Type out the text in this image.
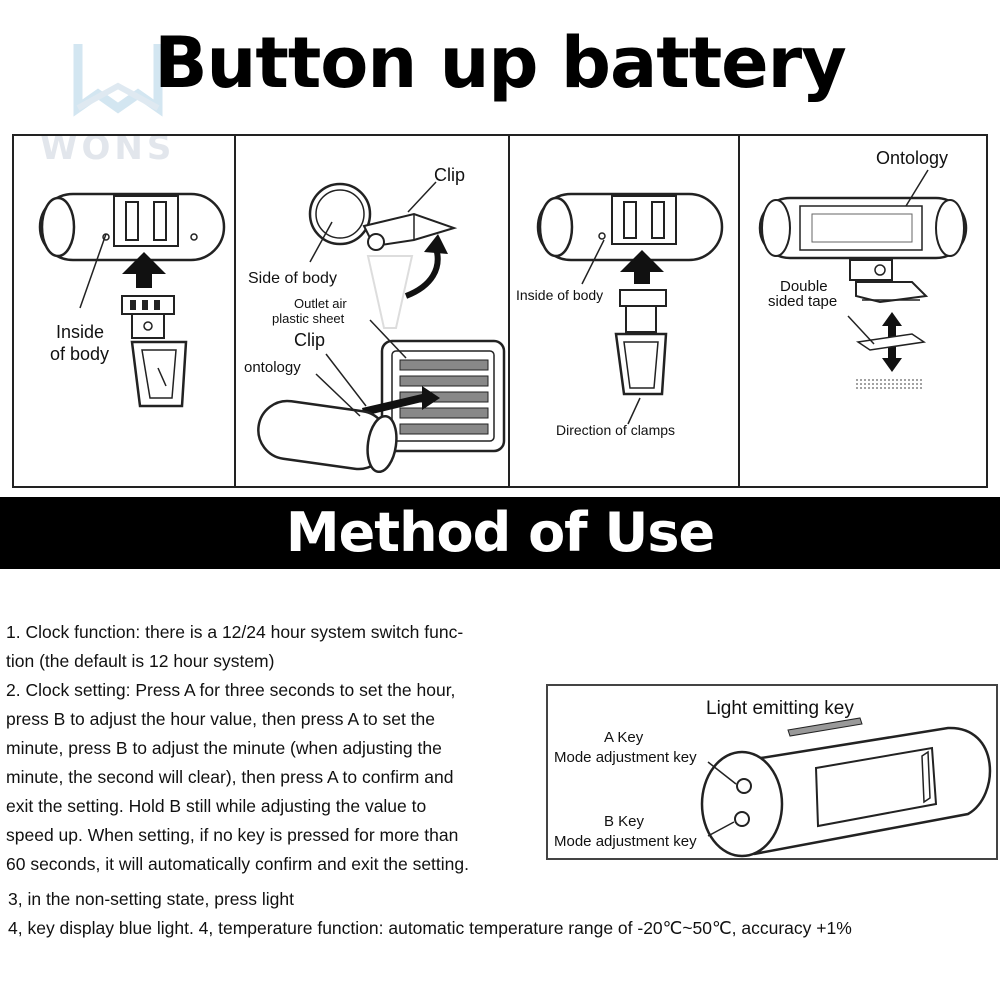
WONS
Button up battery
Inside
of body
Clip
Side of body
Outlet air
plastic sheet
Clip
ontology
Inside of body
Direction of clamps
Ontology
Double
sided tape
Method of Use

1. Clock function: there is a 12/24 hour system switch func-

tion (the default is 12 hour system)

2. Clock setting: Press A for three seconds to set the hour,

press B to adjust the hour value, then press A to set the

minute, press B to adjust the minute (when adjusting the

minute, the second will clear), then press A to confirm and

exit the setting. Hold B still while adjusting the value to

speed up. When setting, if no key is pressed for more than

60 seconds, it will automatically confirm and exit the setting.

3, in the non-setting state, press light
4, key display blue light. 4, temperature function: automatic temperature range of -20℃~50℃, accuracy +1%
Light emitting key
A Key
Mode adjustment key
B Key
Mode adjustment key
